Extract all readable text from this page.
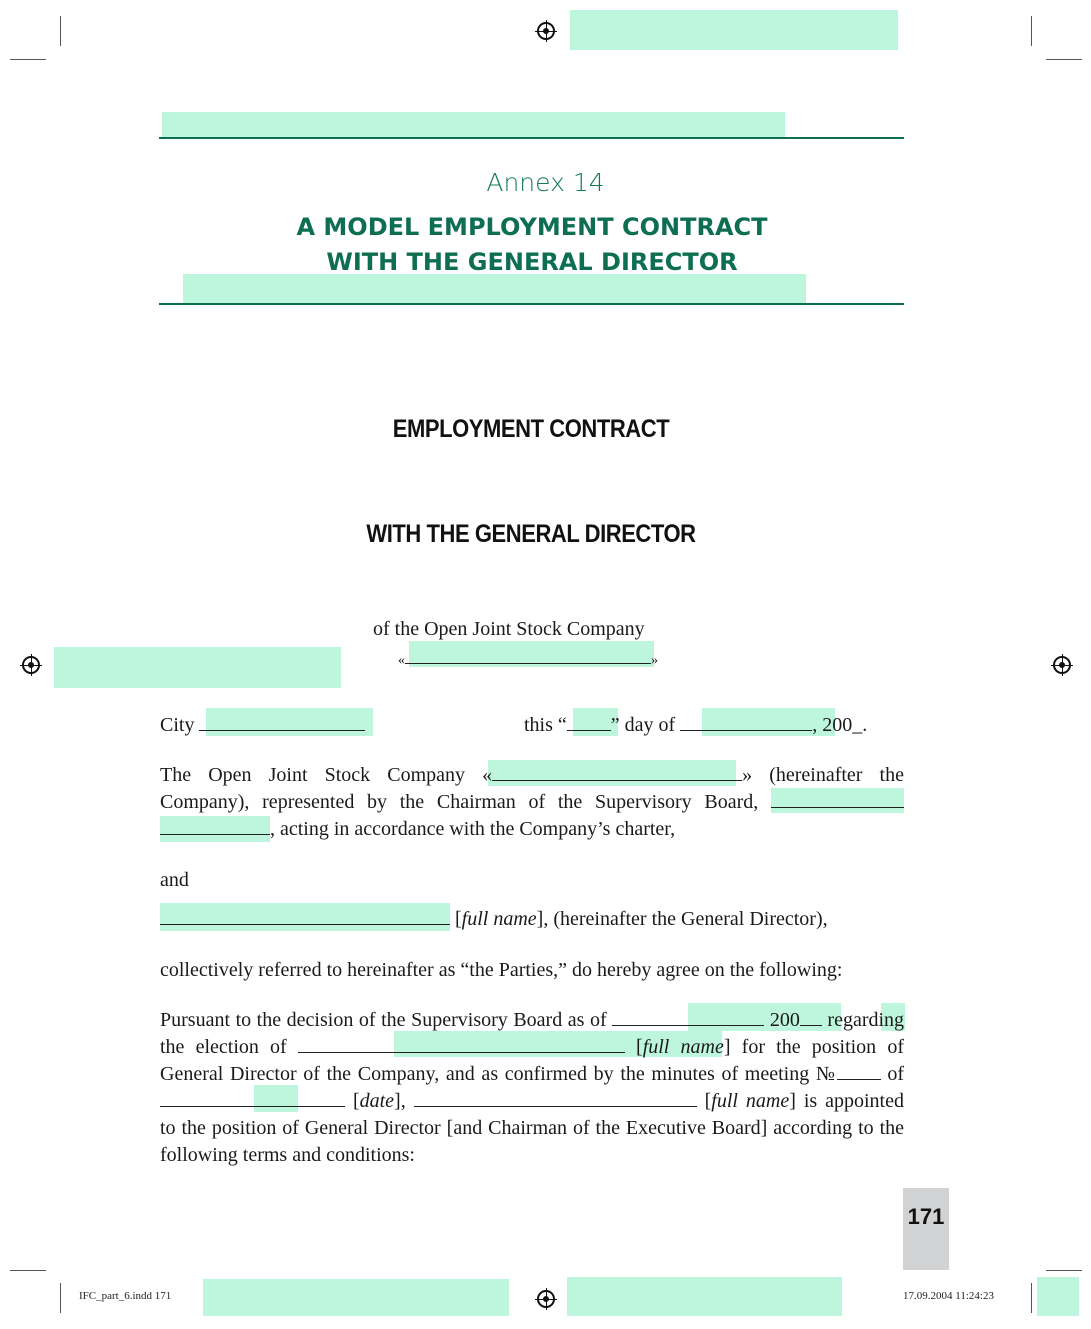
Annex 14
A MODEL EMPLOYMENT CONTRACT
WITH THE GENERAL DIRECTOR
EMPLOYMENT CONTRACT
WITH THE GENERAL DIRECTOR
of the Open Joint Stock Company
«	»
City	this “ ” day of	, 200_.
The Open Joint Stock Company «	» (hereinafter the Company), represented by the Chairman of the Supervisory Board,  , acting in accordance with the Company’s charter,
and
[full name], (hereinafter the General Director),
collectively referred to hereinafter as “the Parties,” do hereby agree on the following:
Pursuant to the decision of the Supervisory Board as of	200 regarding the election of	[full name] for the position of General Director of the Company, and as confirmed by the minutes of meeting №	of  [date],	[full name] is appointed to the position of General Director [and Chairman of the Executive Board] according to the following terms and conditions:
171
IFC_part_6.indd 171	17.09.2004 11:24:23
